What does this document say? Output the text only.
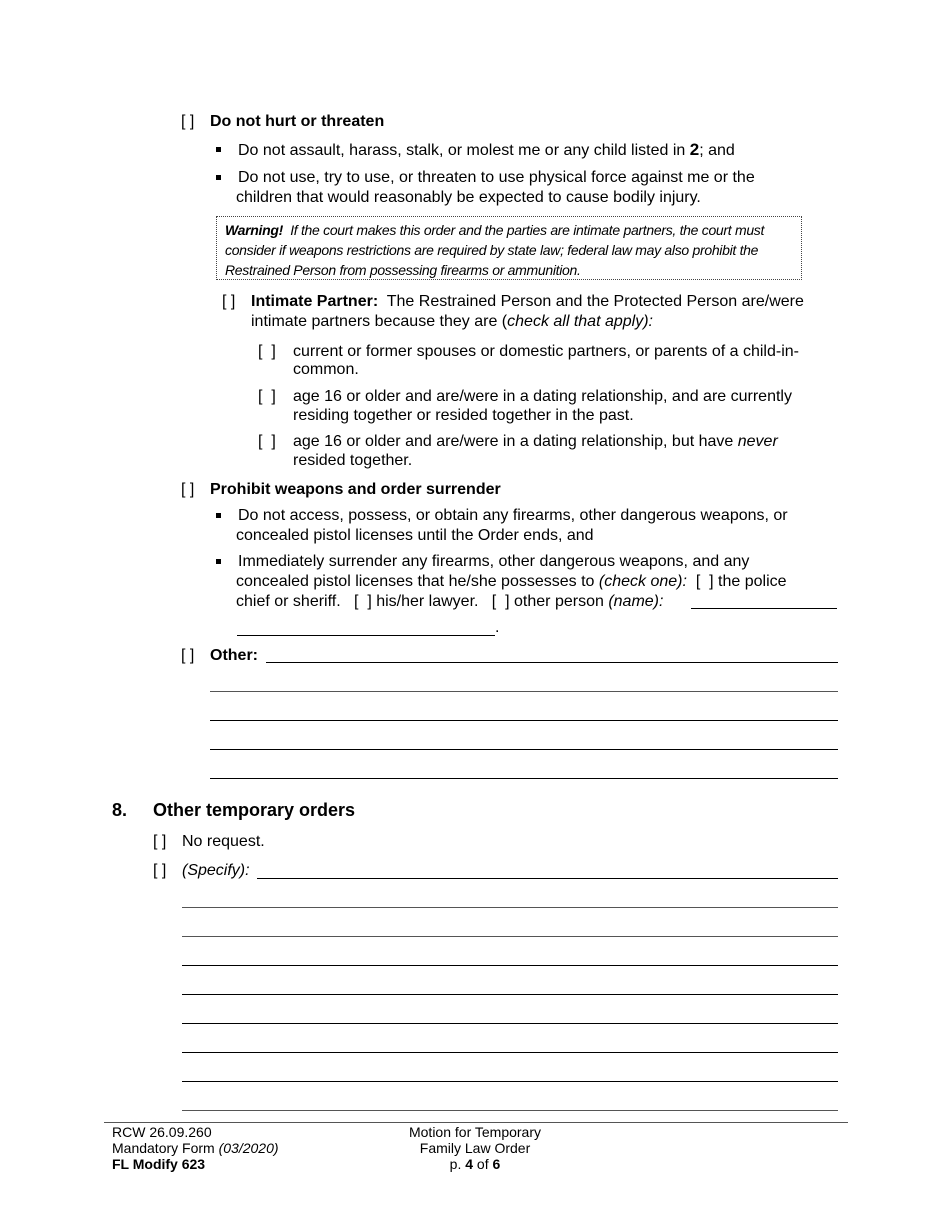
[ ] Do not hurt or threaten
Do not assault, harass, stalk, or molest me or any child listed in 2; and
Do not use, try to use, or threaten to use physical force against me or the
children that would reasonably be expected to cause bodily injury.
Warning! If the court makes this order and the parties are intimate partners, the court must
consider if weapons restrictions are required by state law; federal law may also prohibit the
Restrained Person from possessing firearms or ammunition.
[ ] Intimate Partner: The Restrained Person and the Protected Person are/were
intimate partners because they are (check all that apply):
[  ] current or former spouses or domestic partners, or parents of a child-in-
common.
[  ] age 16 or older and are/were in a dating relationship, and are currently
residing together or resided together in the past.
[  ] age 16 or older and are/were in a dating relationship, but have never
resided together.
[ ] Prohibit weapons and order surrender
Do not access, possess, or obtain any firearms, other dangerous weapons, or
concealed pistol licenses until the Order ends, and
Immediately surrender any firearms, other dangerous weapons, and any
concealed pistol licenses that he/she possesses to (check one):  [  ] the police
chief or sheriff.   [  ] his/her lawyer.   [  ] other person (name):
.
[ ] Other:
8. Other temporary orders
[ ] No request.
[ ] (Specify):
RCW 26.09.260
Mandatory Form (03/2020)
FL Modify 623
Motion for Temporary
Family Law Order
p. 4 of 6
